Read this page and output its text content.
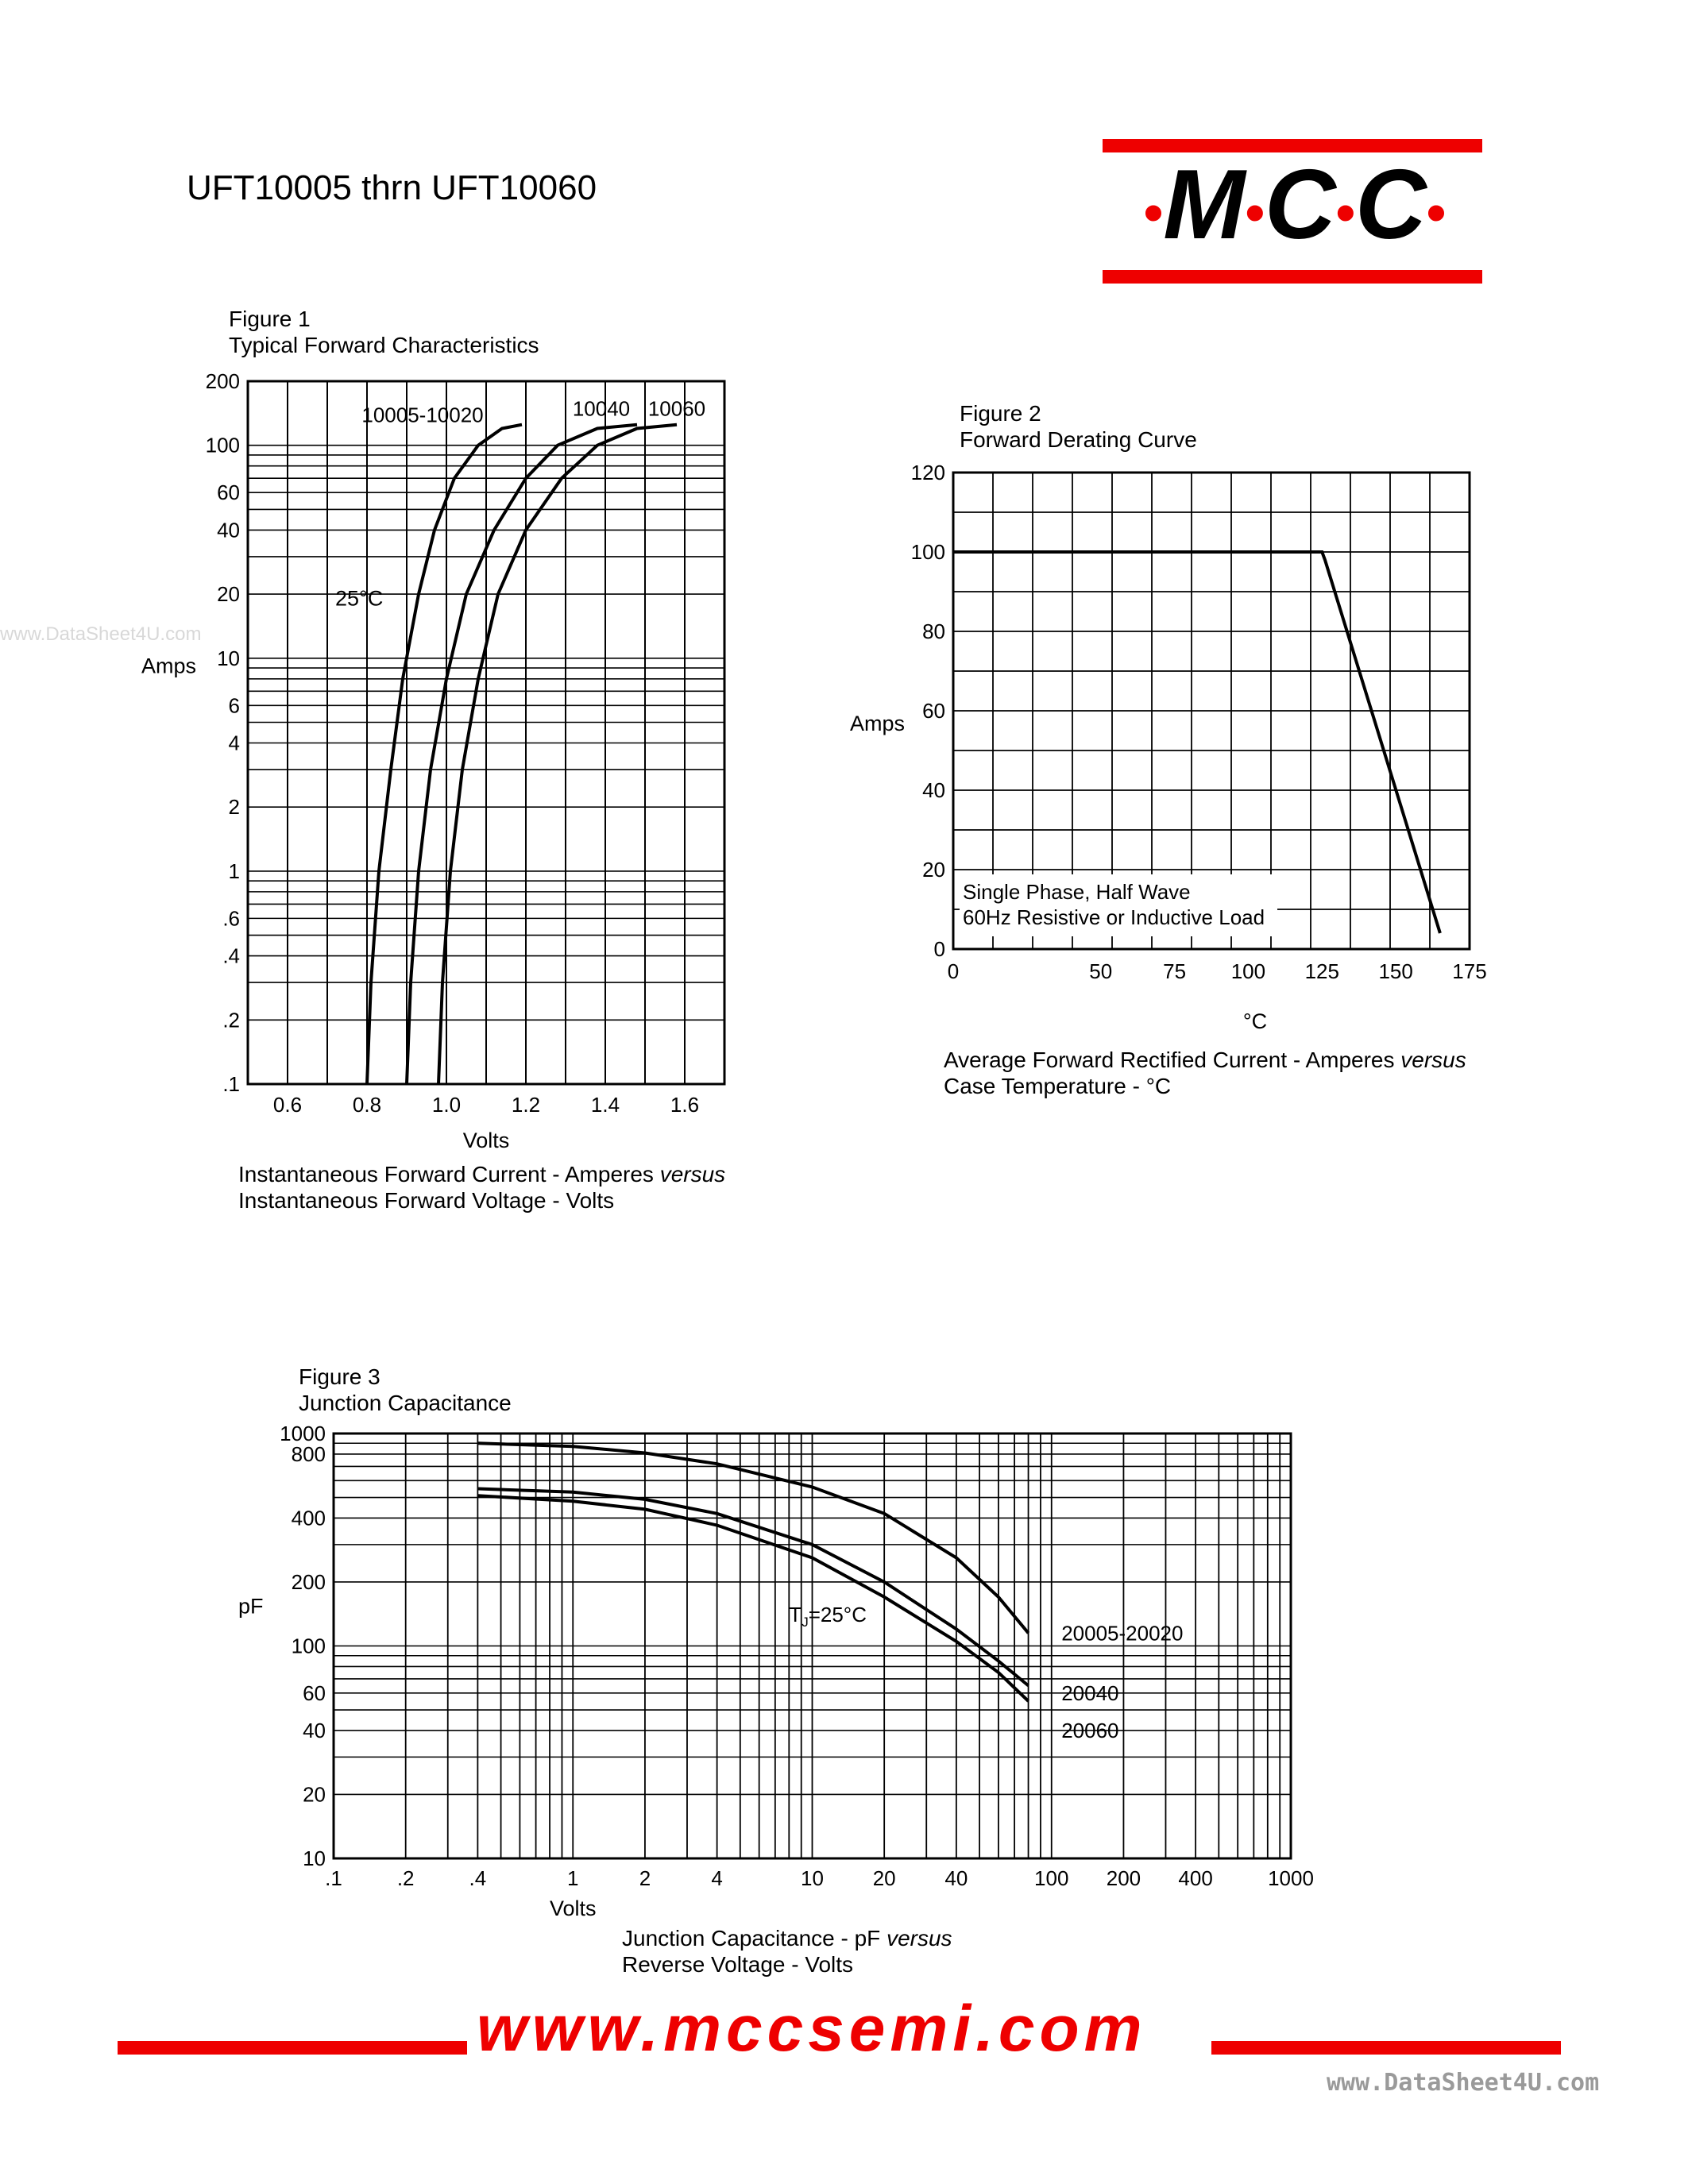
UFT10005 thrn UFT10060	•M•C•C•
www.DataSheet4U.com
Figure 1
Typical Forward Characteristics
200
100
60
40
20
10
6
4
2
1
.6
.4
.2
.1
0.6 0.8 1.0 1.2 1.4 1.6
Volts
Amps
25°C
10005-10020	10040 10060
Instantaneous Forward Current - Amperes versus
Instantaneous Forward Voltage - Volts
Figure 2
Forward Derating Curve
0
20
40
60
80
100
120
0	50 75 100 125 150 175
°C
Amps
Single Phase, Half Wave
60Hz Resistive or Inductive Load
Average Forward Rectified Current - Amperes versus
Case Temperature - °C
Figure 3
Junction Capacitance
1000
800
400
200
100
60
40
20
10
.1	.2	.4	1	2	4	10 20 40	100 200 400	1000
Volts
pF	$T_J=25^\circ C$
20005-20020
20040
20060
Junction Capacitance - pF versus
Reverse Voltage - Volts
www.mccsemi.com
www.DataSheet4U.com
